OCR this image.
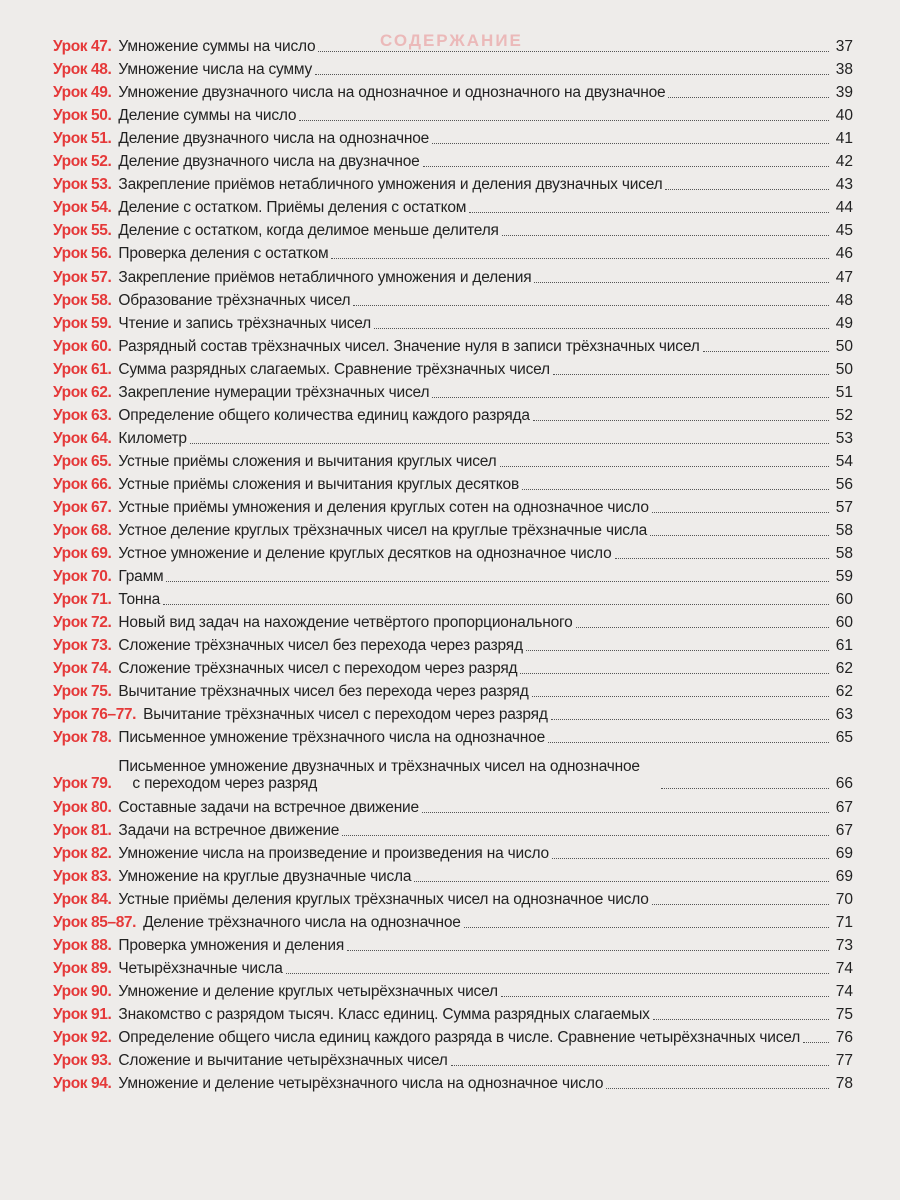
СОДЕРЖАНИЕ
Урок 47. Умножение суммы на число	37
Урок 48. Умножение числа на сумму	38
Урок 49. Умножение двузначного числа на однозначное и однозначного на двузначное	39
Урок 50. Деление суммы на число	40
Урок 51. Деление двузначного числа на однозначное	41
Урок 52. Деление двузначного числа на двузначное	42
Урок 53. Закрепление приёмов нетабличного умножения и деления двузначных чисел	43
Урок 54. Деление с остатком. Приёмы деления с остатком	44
Урок 55. Деление с остатком, когда делимое меньше делителя	45
Урок 56. Проверка деления с остатком	46
Урок 57. Закрепление приёмов нетабличного умножения и деления	47
Урок 58. Образование трёхзначных чисел	48
Урок 59. Чтение и запись трёхзначных чисел	49
Урок 60. Разрядный состав трёхзначных чисел. Значение нуля в записи трёхзначных чисел	50
Урок 61. Сумма разрядных слагаемых. Сравнение трёхзначных чисел	50
Урок 62. Закрепление нумерации трёхзначных чисел	51
Урок 63. Определение общего количества единиц каждого разряда	52
Урок 64. Километр	53
Урок 65. Устные приёмы сложения и вычитания круглых чисел	54
Урок 66. Устные приёмы сложения и вычитания круглых десятков	56
Урок 67. Устные приёмы умножения и деления круглых сотен на однозначное число	57
Урок 68. Устное деление круглых трёхзначных чисел на круглые трёхзначные числа	58
Урок 69. Устное умножение и деление круглых десятков на однозначное число	58
Урок 70. Грамм	59
Урок 71. Тонна	60
Урок 72. Новый вид задач на нахождение четвёртого пропорционального	60
Урок 73. Сложение трёхзначных чисел без перехода через разряд	61
Урок 74. Сложение трёхзначных чисел с переходом через разряд	62
Урок 75. Вычитание трёхзначных чисел без перехода через разряд	62
Урок 76–77. Вычитание трёхзначных чисел с переходом через разряд	63
Урок 78. Письменное умножение трёхзначного числа на однозначное	65
Урок 79.
Письменное умножение двузначных и трёхзначных чисел на однозначное
с переходом через разряд	66
Урок 80. Составные задачи на встречное движение	67
Урок 81. Задачи на встречное движение	67
Урок 82. Умножение числа на произведение и произведения на число	69
Урок 83. Умножение на круглые двузначные числа	69
Урок 84. Устные приёмы деления круглых трёхзначных чисел на однозначное число	70
Урок 85–87. Деление трёхзначного числа на однозначное	71
Урок 88. Проверка умножения и деления	73
Урок 89. Четырёхзначные числа	74
Урок 90. Умножение и деление круглых четырёхзначных чисел	74
Урок 91. Знакомство с разрядом тысяч. Класс единиц. Сумма разрядных слагаемых	75
Урок 92. Определение общего числа единиц каждого разряда в числе. Сравнение четырёхзначных чисел 76
Урок 93. Сложение и вычитание четырёхзначных чисел	77
Урок 94. Умножение и деление четырёхзначного числа на однозначное число	78
